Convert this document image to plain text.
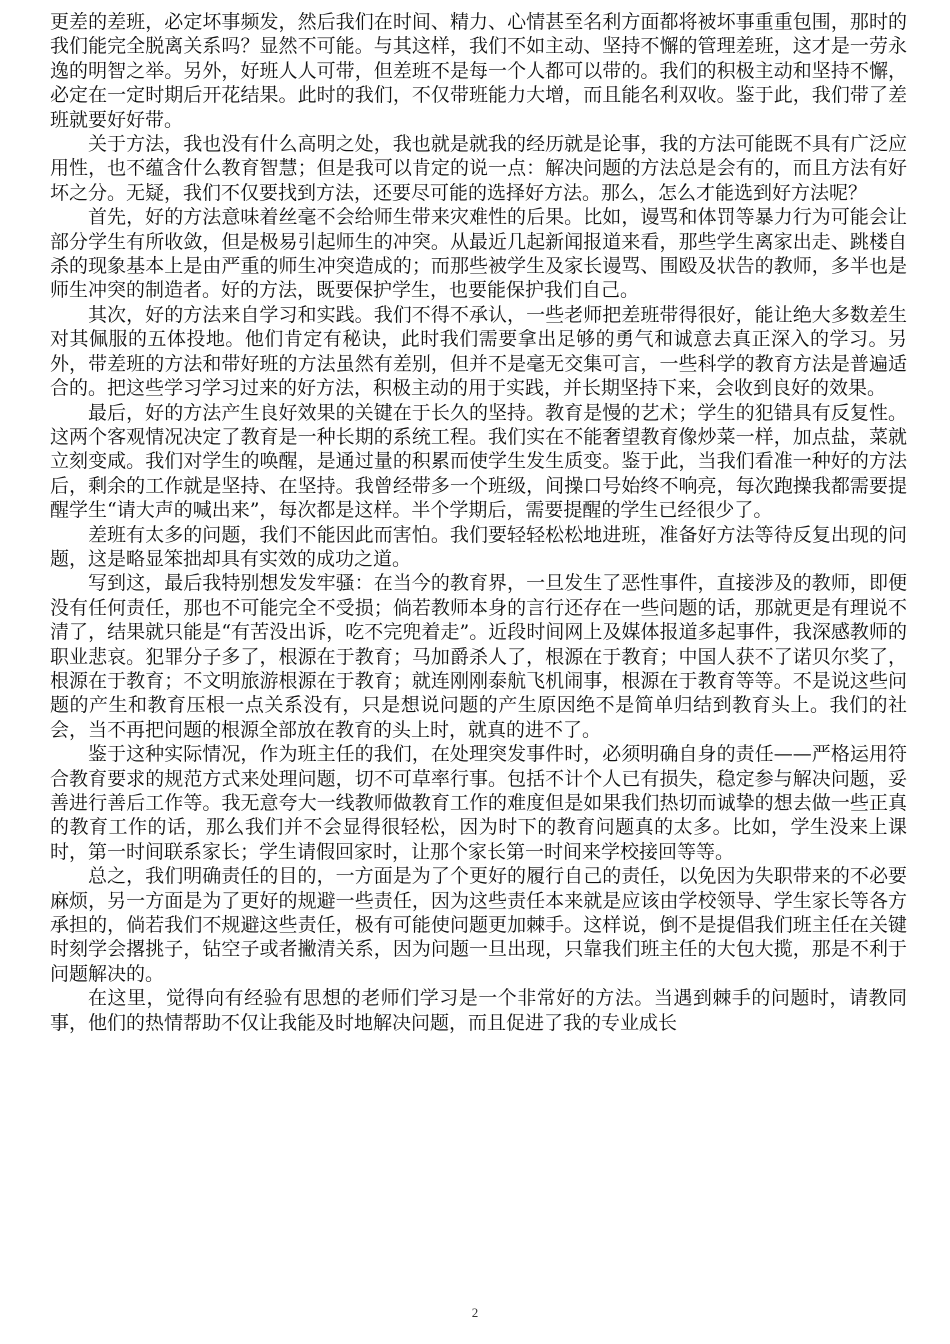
更差的差班，必定坏事频发，然后我们在时间、精力、心情甚至名利方面都将被坏事重重包围，那时的我们能完全脱离关系吗？显然不可能。与其这样，我们不如主动、坚持不懈的管理差班，这才是一劳永逸的明智之举。另外，好班人人可带，但差班不是每一个人都可以带的。我们的积极主动和坚持不懈，必定在一定时期后开花结果。此时的我们，不仅带班能力大增，而且能名利双收。鉴于此，我们带了差班就要好好带。

关于方法，我也没有什么高明之处，我也就是就我的经历就是论事，我的方法可能既不具有广泛应用性，也不蕴含什么教育智慧；但是我可以肯定的说一点：解决问题的方法总是会有的，而且方法有好坏之分。无疑，我们不仅要找到方法，还要尽可能的选择好方法。那么，怎么才能选到好方法呢？

首先，好的方法意味着丝毫不会给师生带来灾难性的后果。比如，谩骂和体罚等暴力行为可能会让部分学生有所收敛，但是极易引起师生的冲突。从最近几起新闻报道来看，那些学生离家出走、跳楼自杀的现象基本上是由严重的师生冲突造成的；而那些被学生及家长谩骂、围殴及状告的教师，多半也是师生冲突的制造者。好的方法，既要保护学生，也要能保护我们自己。

其次，好的方法来自学习和实践。我们不得不承认，一些老师把差班带得很好，能让绝大多数差生对其佩服的五体投地。他们肯定有秘诀，此时我们需要拿出足够的勇气和诚意去真正深入的学习。另外，带差班的方法和带好班的方法虽然有差别，但并不是毫无交集可言，一些科学的教育方法是普遍适合的。把这些学习学习过来的好方法，积极主动的用于实践，并长期坚持下来，会收到良好的效果。

最后，好的方法产生良好效果的关键在于长久的坚持。教育是慢的艺术；学生的犯错具有反复性。这两个客观情况决定了教育是一种长期的系统工程。我们实在不能奢望教育像炒菜一样，加点盐，菜就立刻变咸。我们对学生的唤醒，是通过量的积累而使学生发生质变。鉴于此，当我们看准一种好的方法后，剩余的工作就是坚持、在坚持。我曾经带多一个班级，间操口号始终不响亮，每次跑操我都需要提醒学生“请大声的喊出来”，每次都是这样。半个学期后，需要提醒的学生已经很少了。

差班有太多的问题，我们不能因此而害怕。我们要轻轻松松地进班，准备好方法等待反复出现的问题，这是略显笨拙却具有实效的成功之道。

写到这，最后我特别想发发牢骚：在当今的教育界，一旦发生了恶性事件，直接涉及的教师，即便没有任何责任，那也不可能完全不受损；倘若教师本身的言行还存在一些问题的话，那就更是有理说不清了，结果就只能是“有苦没出诉，吃不完兜着走”。近段时间网上及媒体报道多起事件，我深感教师的职业悲哀。犯罪分子多了，根源在于教育；马加爵杀人了，根源在于教育；中国人获不了诺贝尔奖了，根源在于教育；不文明旅游根源在于教育；就连刚刚泰航飞机闹事，根源在于教育等等。不是说这些问题的产生和教育压根一点关系没有，只是想说问题的产生原因绝不是简单归结到教育头上。我们的社会，当不再把问题的根源全部放在教育的头上时，就真的进不了。

鉴于这种实际情况，作为班主任的我们，在处理突发事件时，必须明确自身的责任——严格运用符合教育要求的规范方式来处理问题，切不可草率行事。包括不计个人已有损失，稳定参与解决问题，妥善进行善后工作等。我无意夸大一线教师做教育工作的难度但是如果我们热切而诚挚的想去做一些正真的教育工作的话，那么我们并不会显得很轻松，因为时下的教育问题真的太多。比如，学生没来上课时，第一时间联系家长；学生请假回家时，让那个家长第一时间来学校接回等等。

总之，我们明确责任的目的，一方面是为了个更好的履行自己的责任，以免因为失职带来的不必要麻烦，另一方面是为了更好的规避一些责任，因为这些责任本来就是应该由学校领导、学生家长等各方承担的，倘若我们不规避这些责任，极有可能使问题更加棘手。这样说，倒不是提倡我们班主任在关键时刻学会撂挑子，钻空子或者撇清关系，因为问题一旦出现，只靠我们班主任的大包大揽，那是不利于问题解决的。

在这里，觉得向有经验有思想的老师们学习是一个非常好的方法。当遇到棘手的问题时，请教同事，他们的热情帮助不仅让我能及时地解决问题，而且促进了我的专业成长

2
